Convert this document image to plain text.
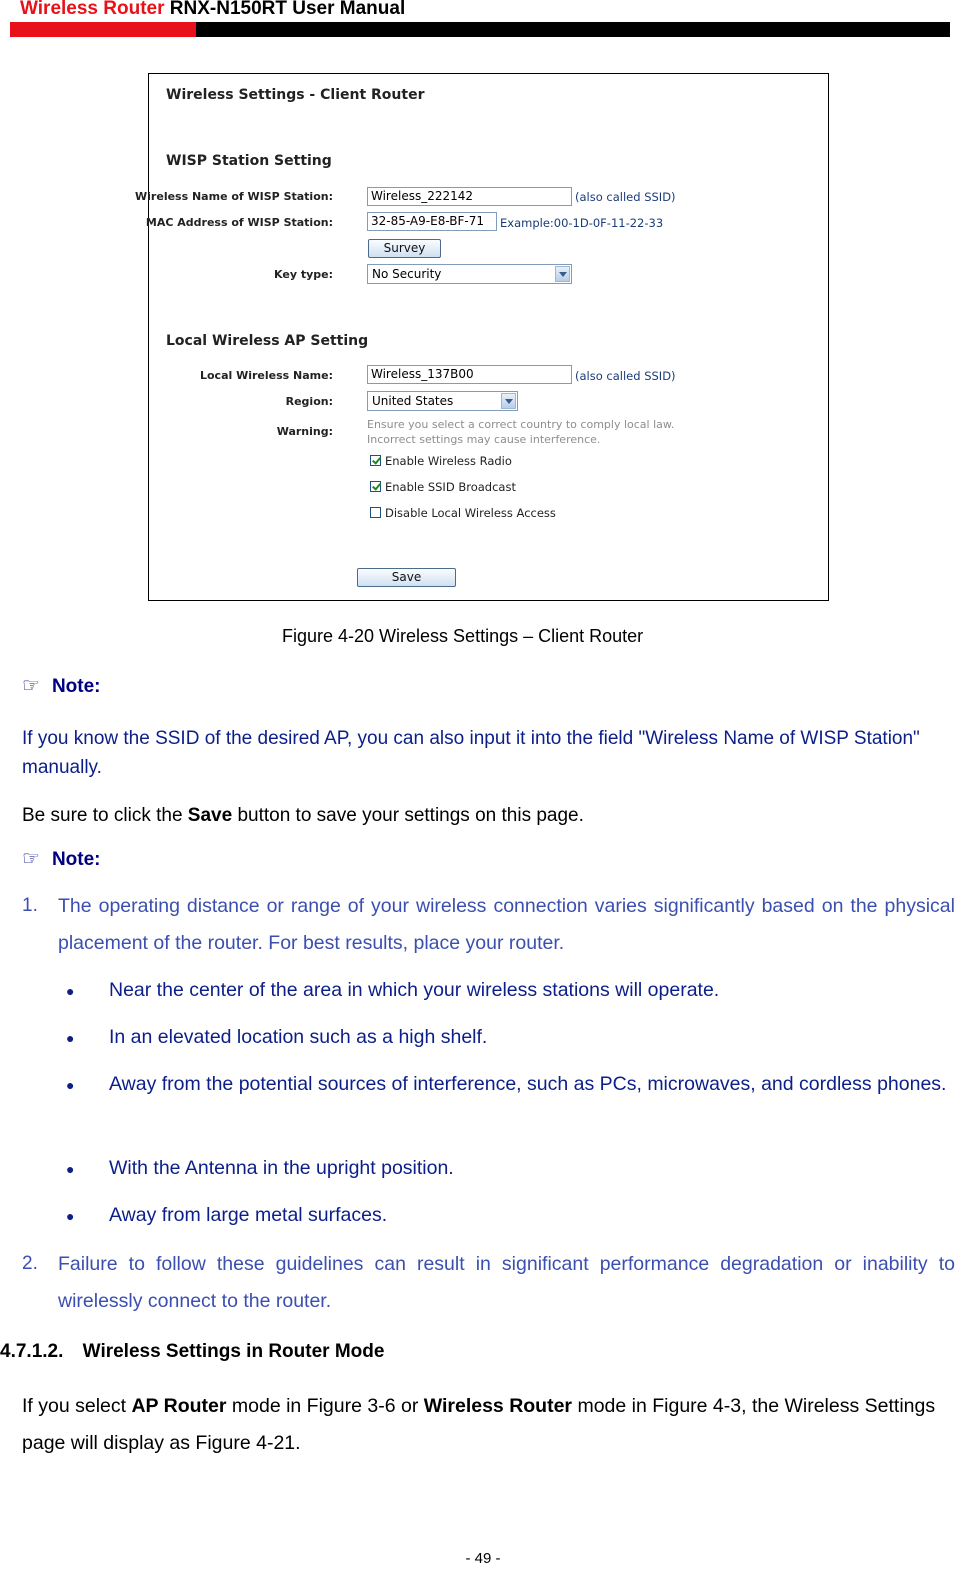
Wireless Router RNX-N150RT User Manual
Wireless Settings - Client Router
WISP Station Setting
Wireless Name of WISP Station:	Wireless_222142	(also called SSID)
MAC Address of WISP Station:	32-85-A9-E8-BF-71	Example:00-1D-0F-11-22-33
Survey
Key type:	No Security
Local Wireless AP Setting
Local Wireless Name:	Wireless_137B00	(also called SSID)
Region:	United States
Warning:
Ensure you select a correct country to comply local law.
Incorrect settings may cause interference.
Enable Wireless Radio
Enable SSID Broadcast
Disable Local Wireless Access
Save
Figure 4-20 Wireless Settings – Client Router
☞ Note:
If you know the SSID of the desired AP, you can also input it into the field "Wireless Name of WISP Station" manually.
Be sure to click the Save button to save your settings on this page.
☞ Note:
1. The operating distance or range of your wireless connection varies significantly based on the physical placement of the router. For best results, place your router.
● Near the center of the area in which your wireless stations will operate.
● In an elevated location such as a high shelf.
● Away from the potential sources of interference, such as PCs, microwaves, and cordless phones.
● With the Antenna in the upright position.
● Away from large metal surfaces.
2. Failure to follow these guidelines can result in significant performance degradation or inability to wirelessly connect to the router.
4.7.1.2. Wireless Settings in Router Mode
If you select AP Router mode in Figure 3-6 or Wireless Router mode in Figure 4-3, the Wireless Settings page will display as Figure 4-21.
- 49 -
